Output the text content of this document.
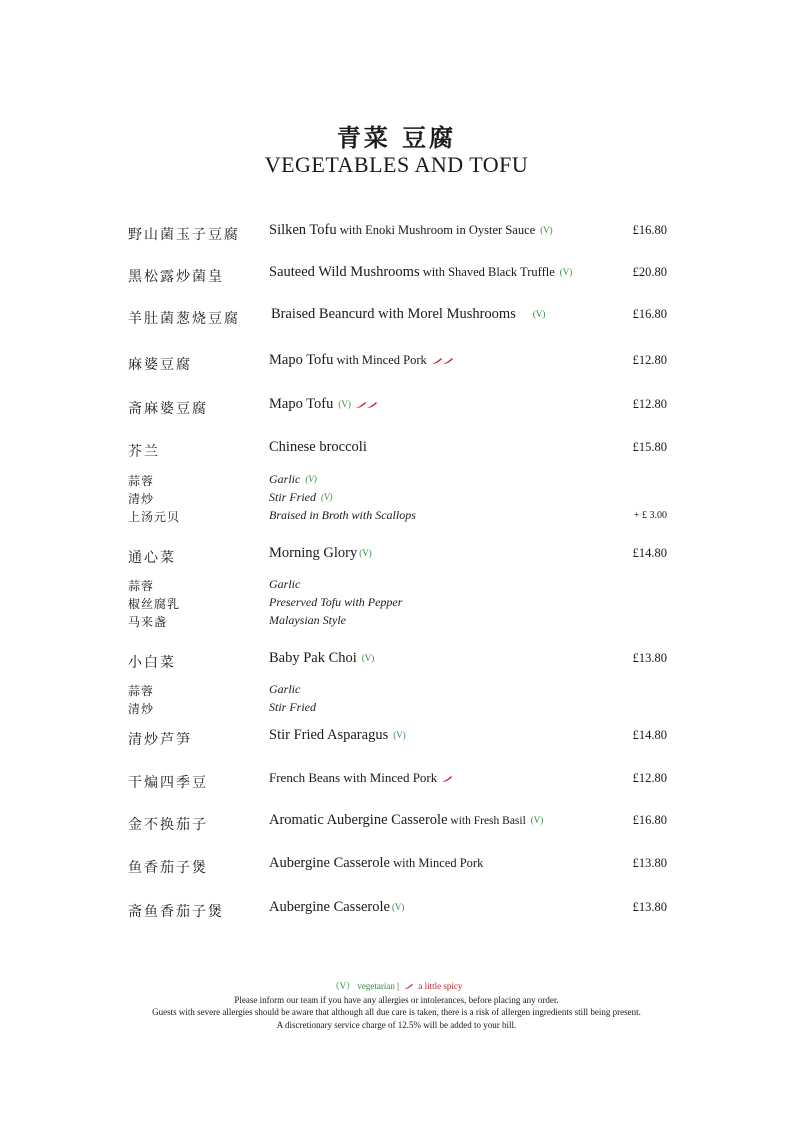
青菜 豆腐
VEGETABLES AND TOFU
野山菌玉子豆腐 Silken Tofu with Enoki Mushroom in Oyster Sauce (V)	£16.80
黑松露炒菌皇	Sauteed Wild Mushrooms with Shaved Black Truffle (V)	£20.80
羊肚菌葱烧豆腐 Braised Beancurd with Morel Mushrooms (V)	£16.80
麻婆豆腐	Mapo Tofu with Minced Pork	£12.80
斋麻婆豆腐	Mapo Tofu (V)	£12.80
芥兰	Chinese broccoli	£15.80
蒜蓉	Garlic (V)
清炒	Stir Fried (V)
上汤元贝	Braised in Broth with Scallops	+ £ 3.00
通心菜	Morning Glory (V)	£14.80
蒜蓉	Garlic
椒丝腐乳	Preserved Tofu with Pepper
马来盏	Malaysian Style
小白菜	Baby Pak Choi (V)	£13.80
蒜蓉	Garlic
清炒	Stir Fried
清炒芦笋	Stir Fried Asparagus (V)	£14.80
干煸四季豆	French Beans with Minced Pork	£12.80
金不换茄子	Aromatic Aubergine Casserole with Fresh Basil (V)	£16.80
鱼香茄子煲	Aubergine Casserole with Minced Pork	£13.80
斋鱼香茄子煲	Aubergine Casserole (V)	£13.80
（V） vegetarian | a little spicy
Please inform our team if you have any allergies or intolerances, before placing any order.
Guests with severe allergies should be aware that although all due care is taken, there is a risk of allergen ingredients still being present.
A discretionary service charge of 12.5% will be added to your bill.
